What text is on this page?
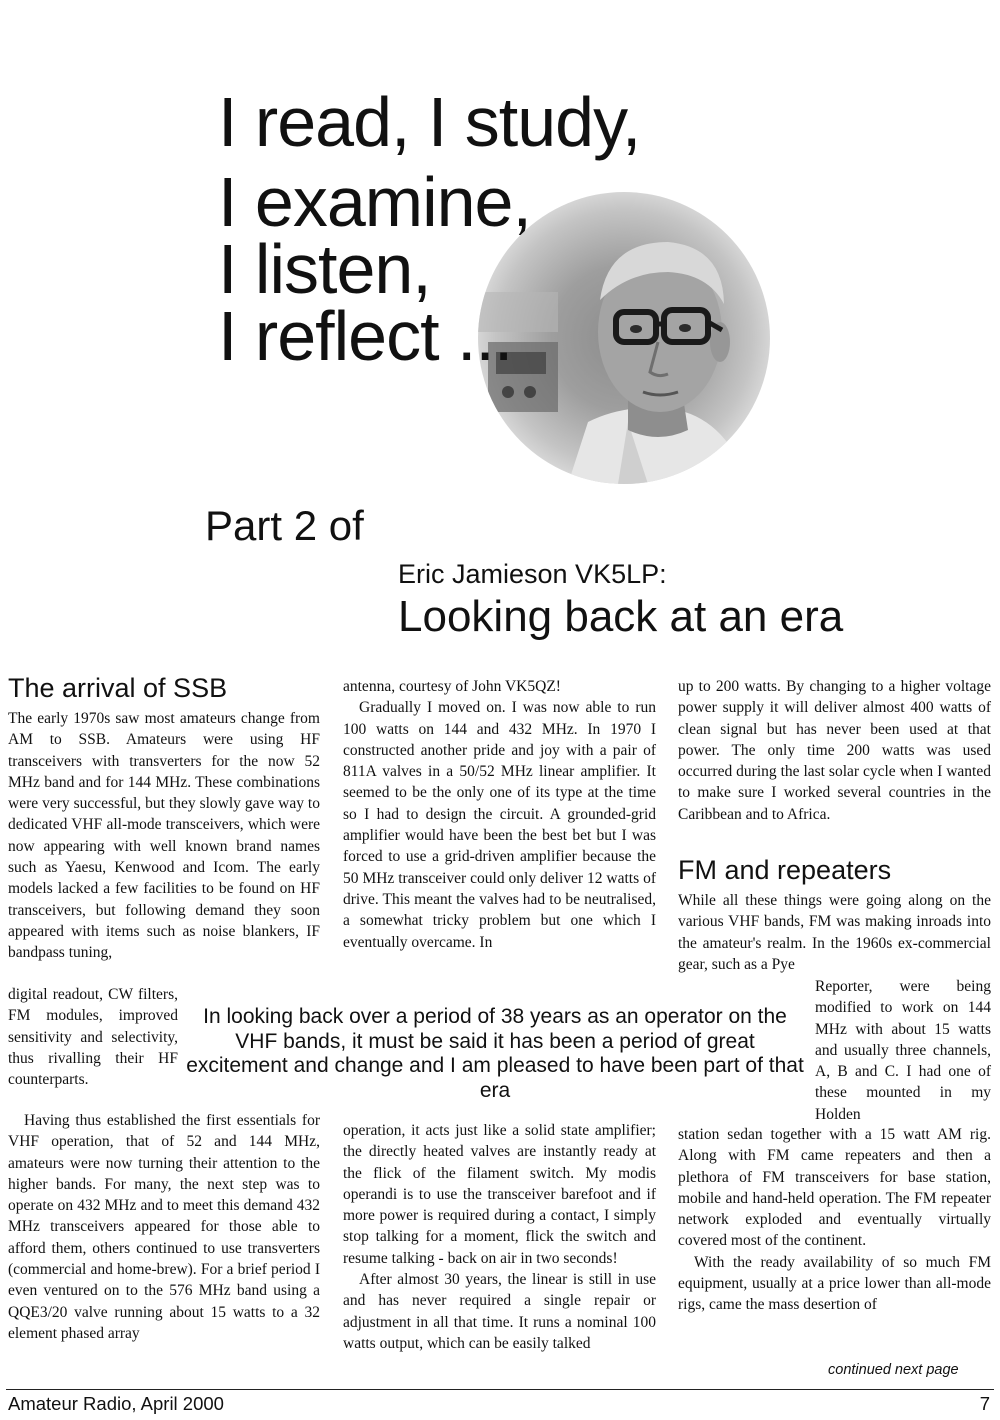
I read, I study,
I examine,
I listen,
I reflect ...
Part 2 of
Eric Jamieson VK5LP:
Looking back at an era
The arrival of SSB

The early 1970s saw most amateurs change from AM to SSB. Amateurs were using HF transceivers with transverters for the now 52 MHz band and for 144 MHz. These combinations were very successful, but they slowly gave way to dedicated VHF all-mode transceivers, which were now appearing with well known brand names such as Yaesu, Kenwood and Icom. The early models lacked a few facilities to be found on HF transceivers, but following demand they soon appeared with items such as noise blankers, IF bandpass tuning,

digital readout, CW filters, FM modules, improved sensitivity and selectivity, thus rivalling their HF counterparts.

Having thus established the first essentials for VHF operation, that of 52 and 144 MHz, amateurs were now turning their attention to the higher bands. For many, the next step was to operate on 432 MHz and to meet this demand 432 MHz transceivers appeared for those able to afford them, others continued to use transverters (commercial and home-brew). For a brief period I even ventured on to the 576 MHz band using a QQE3/20 valve running about 15 watts to a 32 element phased array

antenna, courtesy of John VK5QZ!

Gradually I moved on. I was now able to run 100 watts on 144 and 432 MHz. In 1970 I constructed another pride and joy with a pair of 811A valves in a 50/52 MHz linear amplifier. It seemed to be the only one of its type at the time so I had to design the circuit. A grounded-grid amplifier would have been the best bet but I was forced to use a grid-driven amplifier because the 50 MHz transceiver could only deliver 12 watts of drive. This meant the valves had to be neutralised, a somewhat tricky problem but one which I eventually overcame. In

operation, it acts just like a solid state amplifier; the directly heated valves are instantly ready at the flick of the filament switch. My modis operandi is to use the transceiver barefoot and if more power is required during a contact, I simply stop talking for a moment, flick the switch and resume talking - back on air in two seconds!

After almost 30 years, the linear is still in use and has never required a single repair or adjustment in all that time. It runs a nominal 100 watts output, which can be easily talked

up to 200 watts. By changing to a higher voltage power supply it will deliver almost 400 watts of clean signal but has never been used at that power. The only time 200 watts was used occurred during the last solar cycle when I wanted to make sure I worked several countries in the Caribbean and to Africa.

FM and repeaters

While all these things were going along on the various VHF bands, FM was making inroads into the amateur's realm. In the 1960s ex-commercial gear, such as a Pye

Reporter, were being modified to work on 144 MHz with about 15 watts and usually three channels, A, B and C. I had one of these mounted in my Holden

station sedan together with a 15 watt AM rig. Along with FM came repeaters and then a plethora of FM transceivers for base station, mobile and hand-held operation. The FM repeater network exploded and eventually virtually covered most of the continent.

With the ready availability of so much FM equipment, usually at a price lower than all-mode rigs, came the mass desertion of

In looking back over a period of 38 years as an operator on the VHF bands, it must be said it has been a period of great excitement and change and I am pleased to have been part of that era
continued next page
Amateur Radio, April 2000	7
